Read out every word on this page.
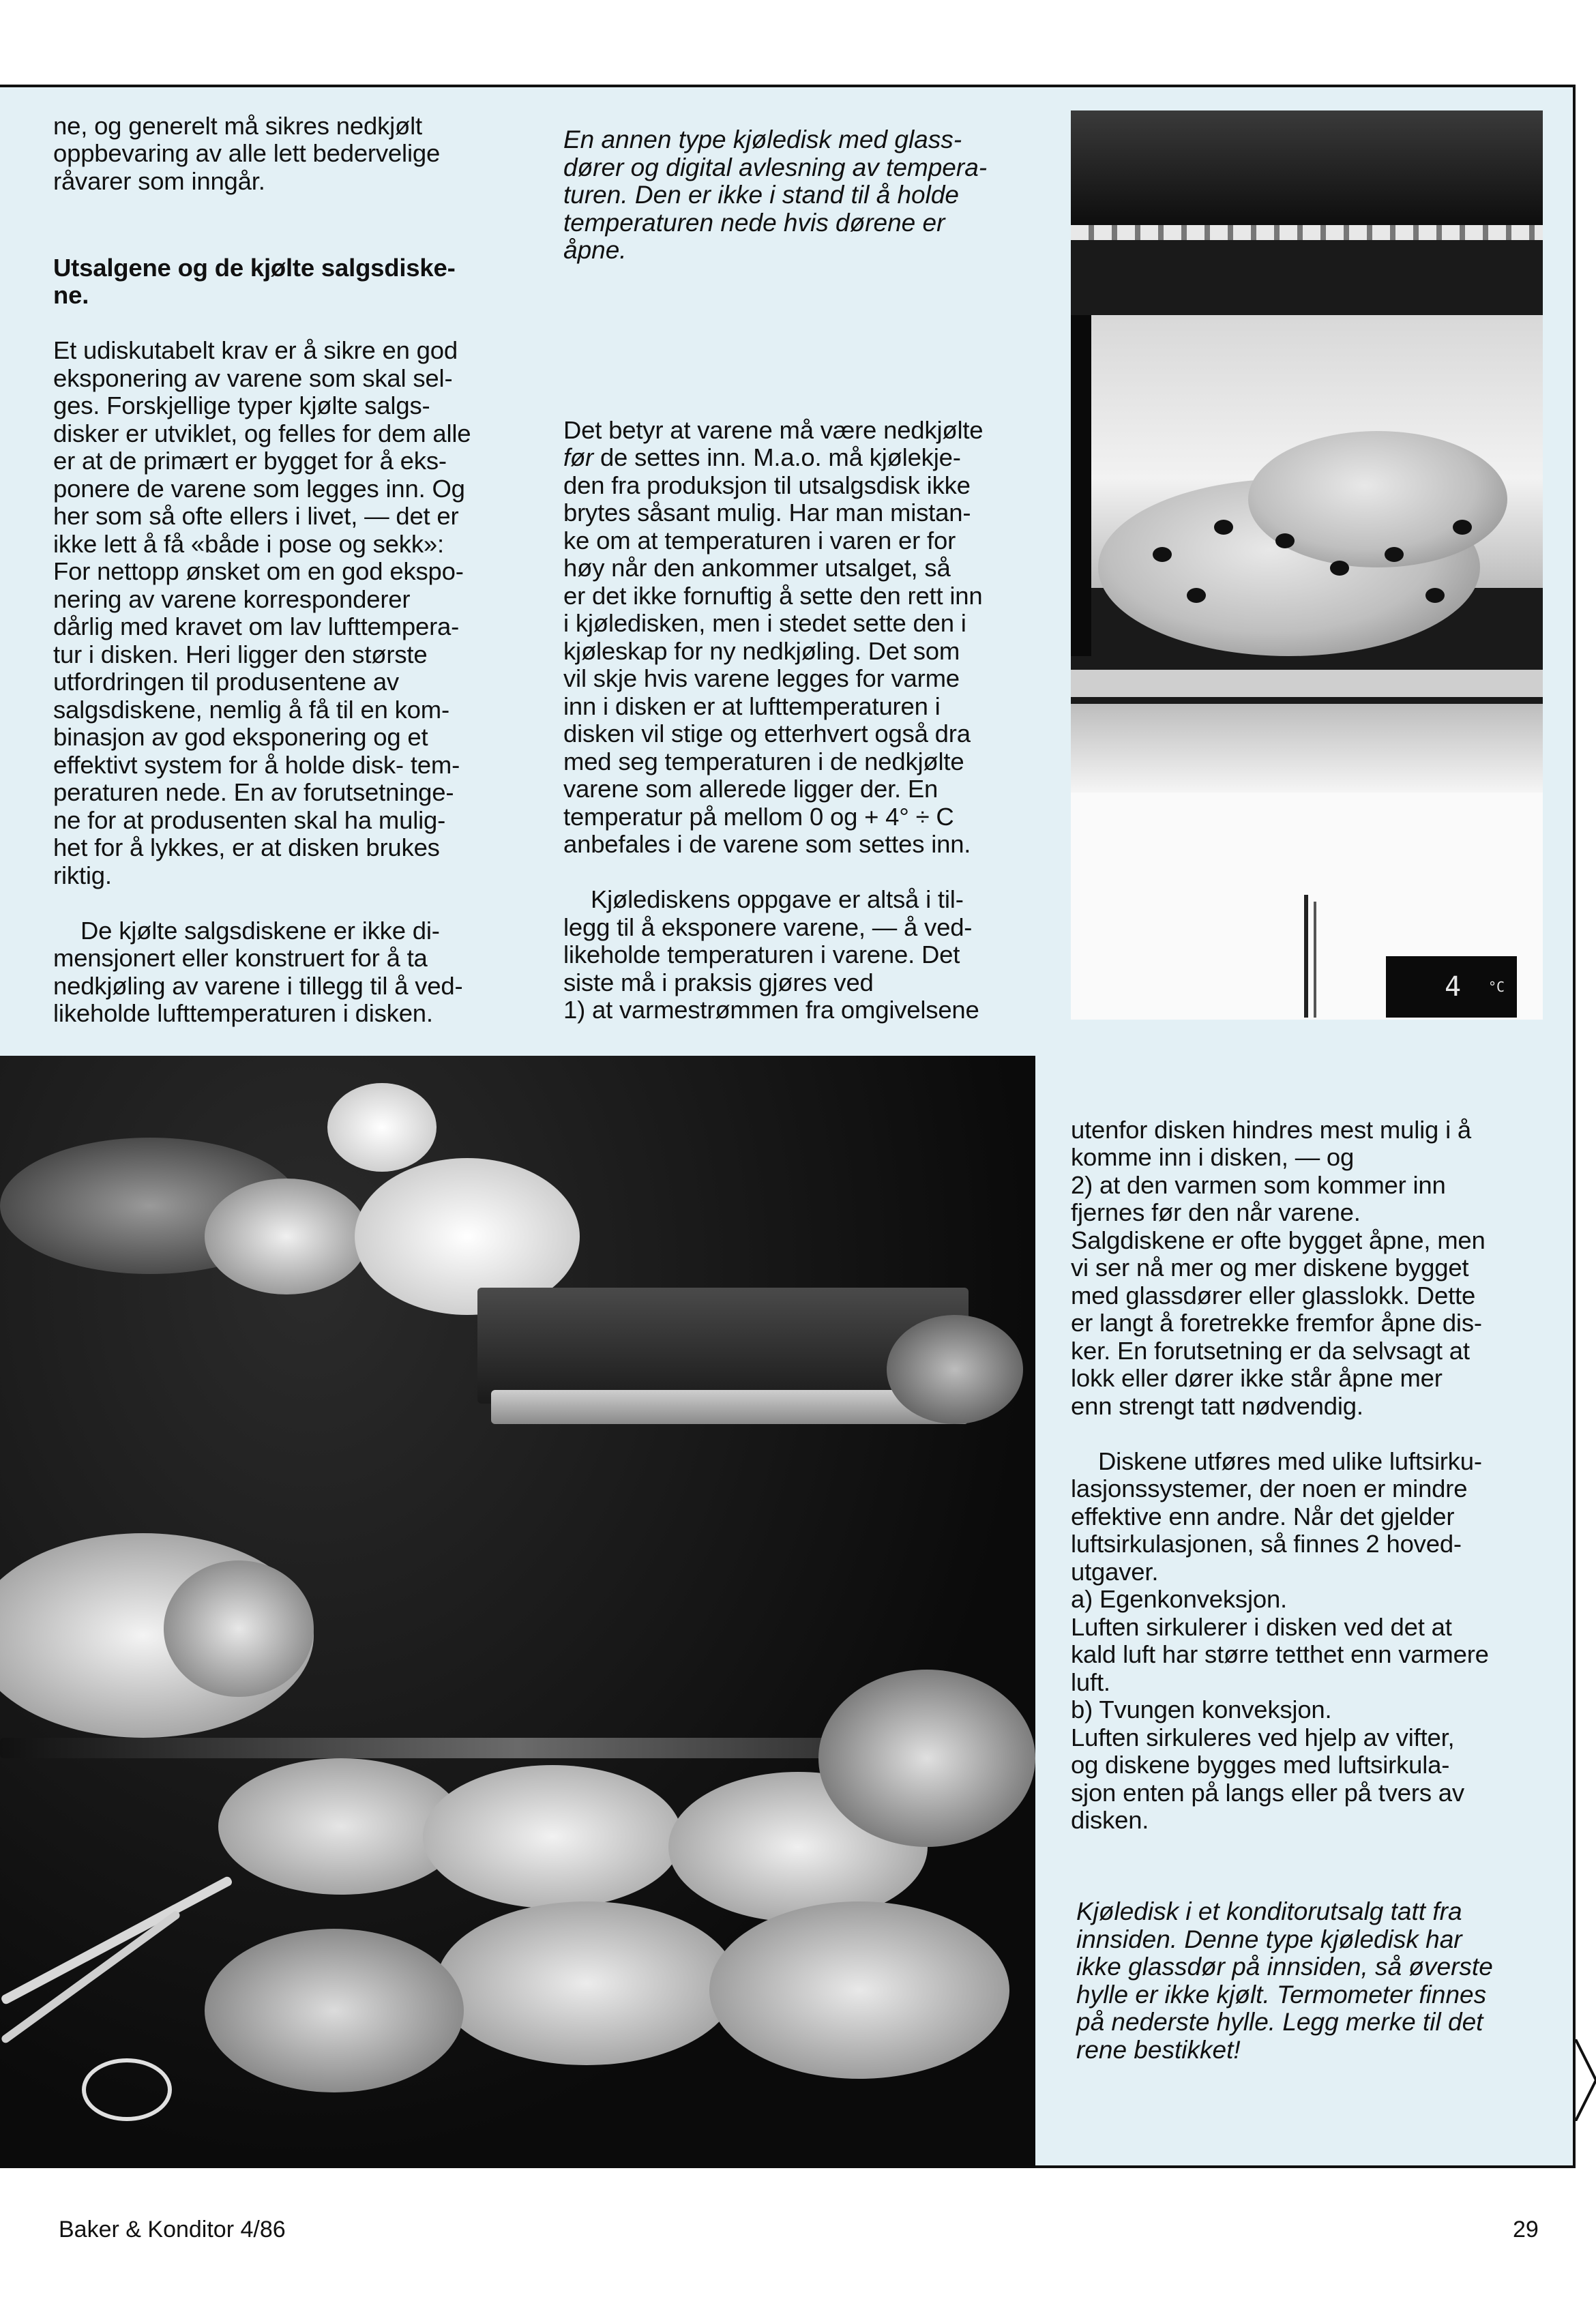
4 °C

ne, og generelt må sikres nedkjølt
oppbevaring av alle lett bedervelige
råvarer som inngår.

Utsalgene og de kjølte salgsdiske-
ne.

Et udiskutabelt krav er å sikre en god
eksponering av varene som skal sel-
ges. Forskjellige typer kjølte salgs-
disker er utviklet, og felles for dem alle
er at de primært er bygget for å eks-
ponere de varene som legges inn. Og
her som så ofte ellers i livet, — det er
ikke lett å få «både i pose og sekk»:
For nettopp ønsket om en god ekspo-
nering av varene korresponderer
dårlig med kravet om lav lufttempera-
tur i disken. Heri ligger den største
utfordringen til produsentene av
salgsdiskene, nemlig å få til en kom-
binasjon av god eksponering og et
effektivt system for å holde disk- tem-
peraturen nede. En av forutsetninge-
ne for at produsenten skal ha mulig-
het for å lykkes, er at disken brukes
riktig.

De kjølte salgsdiskene er ikke di-
mensjonert eller konstruert for å ta
nedkjøling av varene i tillegg til å ved-
likeholde lufttemperaturen i disken.

En annen type kjøledisk med glass-
dører og digital avlesning av tempera-
turen. Den er ikke i stand til å holde
temperaturen nede hvis dørene er
åpne.

Det betyr at varene må være nedkjølte
før de settes inn. M.a.o. må kjølekje-
den fra produksjon til utsalgsdisk ikke
brytes såsant mulig. Har man mistan-
ke om at temperaturen i varen er for
høy når den ankommer utsalget, så
er det ikke fornuftig å sette den rett inn
i kjøledisken, men i stedet sette den i
kjøleskap for ny nedkjøling. Det som
vil skje hvis varene legges for varme
inn i disken er at lufttemperaturen i
disken vil stige og etterhvert også dra
med seg temperaturen i de nedkjølte
varene som allerede ligger der. En
temperatur på mellom 0 og + 4° ÷ C
anbefales i de varene som settes inn.

Kjølediskens oppgave er altså i til-
legg til å eksponere varene, — å ved-
likeholde temperaturen i varene. Det
siste må i praksis gjøres ved
1) at varmestrømmen fra omgivelsene

utenfor disken hindres mest mulig i å
komme inn i disken, — og
2) at den varmen som kommer inn
fjernes før den når varene.
Salgdiskene er ofte bygget åpne, men
vi ser nå mer og mer diskene bygget
med glassdører eller glasslokk. Dette
er langt å foretrekke fremfor åpne dis-
ker. En forutsetning er da selvsagt at
lokk eller dører ikke står åpne mer
enn strengt tatt nødvendig.

Diskene utføres med ulike luftsirku-
lasjonssystemer, der noen er mindre
effektive enn andre. Når det gjelder
luftsirkulasjonen, så finnes 2 hoved-
utgaver.
a) Egenkonveksjon.
Luften sirkulerer i disken ved det at
kald luft har større tetthet enn varmere
luft.
b) Tvungen konveksjon.
Luften sirkuleres ved hjelp av vifter,
og diskene bygges med luftsirkula-
sjon enten på langs eller på tvers av
disken.

Kjøledisk i et konditorutsalg tatt fra
innsiden. Denne type kjøledisk har
ikke glassdør på innsiden, så øverste
hylle er ikke kjølt. Termometer finnes
på nederste hylle. Legg merke til det
rene bestikket!
Baker & Konditor 4/86	29
